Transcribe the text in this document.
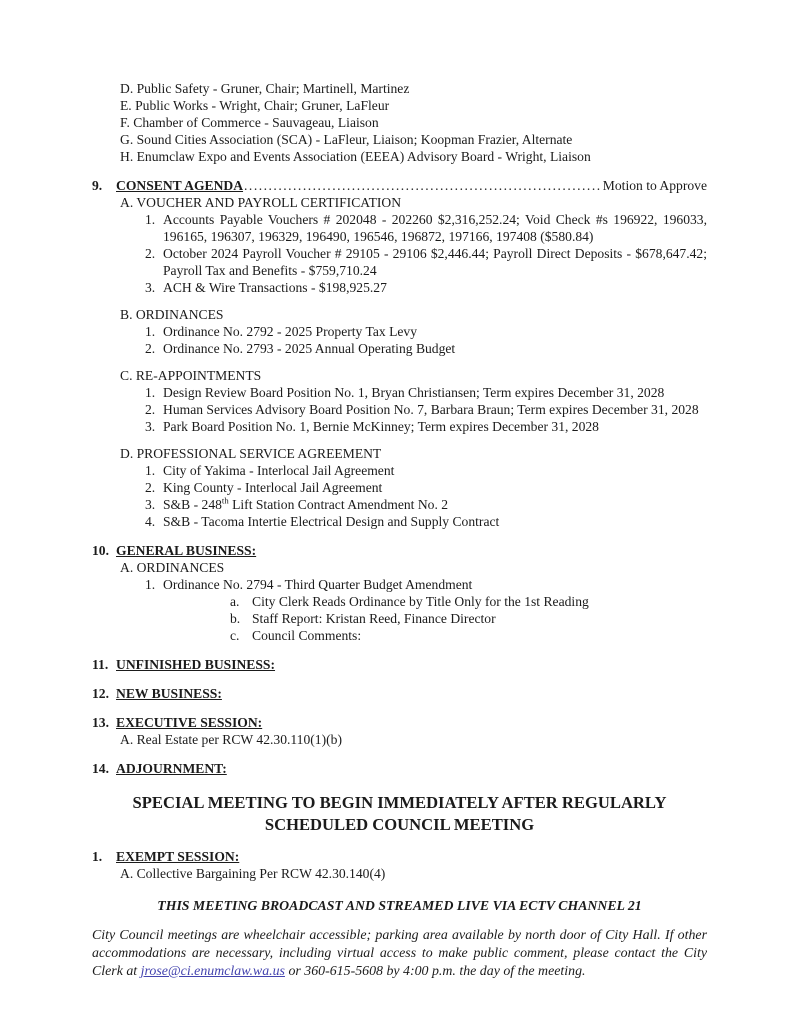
D. Public Safety - Gruner, Chair; Martinell, Martinez
E. Public Works - Wright, Chair; Gruner, LaFleur
F. Chamber of Commerce - Sauvageau, Liaison
G. Sound Cities Association (SCA) - LaFleur, Liaison; Koopman Frazier, Alternate
H. Enumclaw Expo and Events Association (EEEA) Advisory Board - Wright, Liaison
9.	CONSENT AGENDA .....	Motion to Approve
A. VOUCHER AND PAYROLL CERTIFICATION
1. Accounts Payable Vouchers # 202048 - 202260 $2,316,252.24; Void Check #s 196922, 196033, 196165, 196307, 196329, 196490, 196546, 196872, 197166, 197408 ($580.84)
2. October 2024 Payroll Voucher # 29105 - 29106 $2,446.44; Payroll Direct Deposits - $678,647.42; Payroll Tax and Benefits - $759,710.24
3. ACH & Wire Transactions - $198,925.27
B. ORDINANCES
1. Ordinance No. 2792 - 2025 Property Tax Levy
2. Ordinance No. 2793 - 2025 Annual Operating Budget
C. RE-APPOINTMENTS
1. Design Review Board Position No. 1, Bryan Christiansen; Term expires December 31, 2028
2. Human Services Advisory Board Position No. 7, Barbara Braun; Term expires December 31, 2028
3. Park Board Position No. 1, Bernie McKinney; Term expires December 31, 2028
D. PROFESSIONAL SERVICE AGREEMENT
1. City of Yakima - Interlocal Jail Agreement
2. King County - Interlocal Jail Agreement
3. S&B - 248th Lift Station Contract Amendment No. 2
4. S&B - Tacoma Intertie Electrical Design and Supply Contract
10. GENERAL BUSINESS:
A. ORDINANCES
1. Ordinance No. 2794 - Third Quarter Budget Amendment
a. City Clerk Reads Ordinance by Title Only for the 1st Reading
b. Staff Report: Kristan Reed, Finance Director
c. Council Comments:
11. UNFINISHED BUSINESS:
12. NEW BUSINESS:
13. EXECUTIVE SESSION:
A. Real Estate per RCW 42.30.110(1)(b)
14. ADJOURNMENT:
SPECIAL MEETING TO BEGIN IMMEDIATELY AFTER REGULARLY
SCHEDULED COUNCIL MEETING
1.	EXEMPT SESSION:
A. Collective Bargaining Per RCW 42.30.140(4)
THIS MEETING BROADCAST AND STREAMED LIVE VIA ECTV CHANNEL 21

City Council meetings are wheelchair accessible; parking area available by north door of City Hall. If other accommodations are necessary, including virtual access to make public comment, please contact the City Clerk at jrose@ci.enumclaw.wa.us or 360-615-5608 by 4:00 p.m. the day of the meeting.
